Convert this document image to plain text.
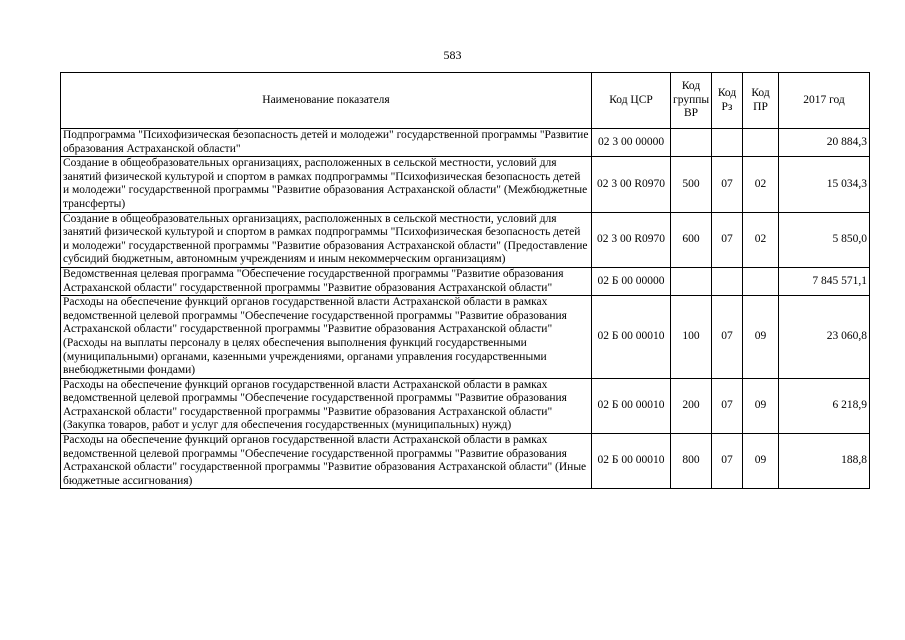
583
Наименование показателя	Код ЦСР	Код группы ВР	Код Рз	Код ПР	2017 год
Подпрограмма "Психофизическая безопасность детей и молодежи" государственной программы "Развитие образования Астраханской области"	02 3 00 00000				20 884,3
Создание в общеобразовательных организациях, расположенных в сельской местности, условий для занятий физической культурой и спортом в рамках подпрограммы "Психофизическая безопасность детей и молодежи" государственной программы "Развитие образования Астраханской области" (Межбюджетные трансферты)	02 3 00 R0970	500	07	02	15 034,3
Создание в общеобразовательных организациях, расположенных в сельской местности, условий для занятий физической культурой и спортом в рамках подпрограммы "Психофизическая безопасность детей и молодежи" государственной программы "Развитие образования Астраханской области" (Предоставление субсидий бюджетным, автономным учреждениям и иным некоммерческим организациям)	02 3 00 R0970	600	07	02	5 850,0
Ведомственная целевая программа "Обеспечение государственной программы "Развитие образования Астраханской области" государственной программы "Развитие образования Астраханской области"	02 Б 00 00000				7 845 571,1
Расходы на обеспечение функций органов государственной власти Астраханской области в рамках ведомственной целевой программы "Обеспечение государственной программы "Развитие образования Астраханской области" государственной программы "Развитие образования Астраханской области" (Расходы на выплаты персоналу в целях обеспечения выполнения функций государственными (муниципальными) органами, казенными учреждениями, органами управления государственными внебюджетными фондами)	02 Б 00 00010	100	07	09	23 060,8
Расходы на обеспечение функций органов государственной власти Астраханской области в рамках ведомственной целевой программы "Обеспечение государственной программы "Развитие образования Астраханской области" государственной программы "Развитие образования Астраханской области" (Закупка товаров, работ и услуг для обеспечения государственных (муниципальных) нужд)	02 Б 00 00010	200	07	09	6 218,9
Расходы на обеспечение функций органов государственной власти Астраханской области в рамках ведомственной целевой программы "Обеспечение государственной программы "Развитие образования Астраханской области" государственной программы "Развитие образования Астраханской области" (Иные бюджетные ассигнования)	02 Б 00 00010	800	07	09	188,8
